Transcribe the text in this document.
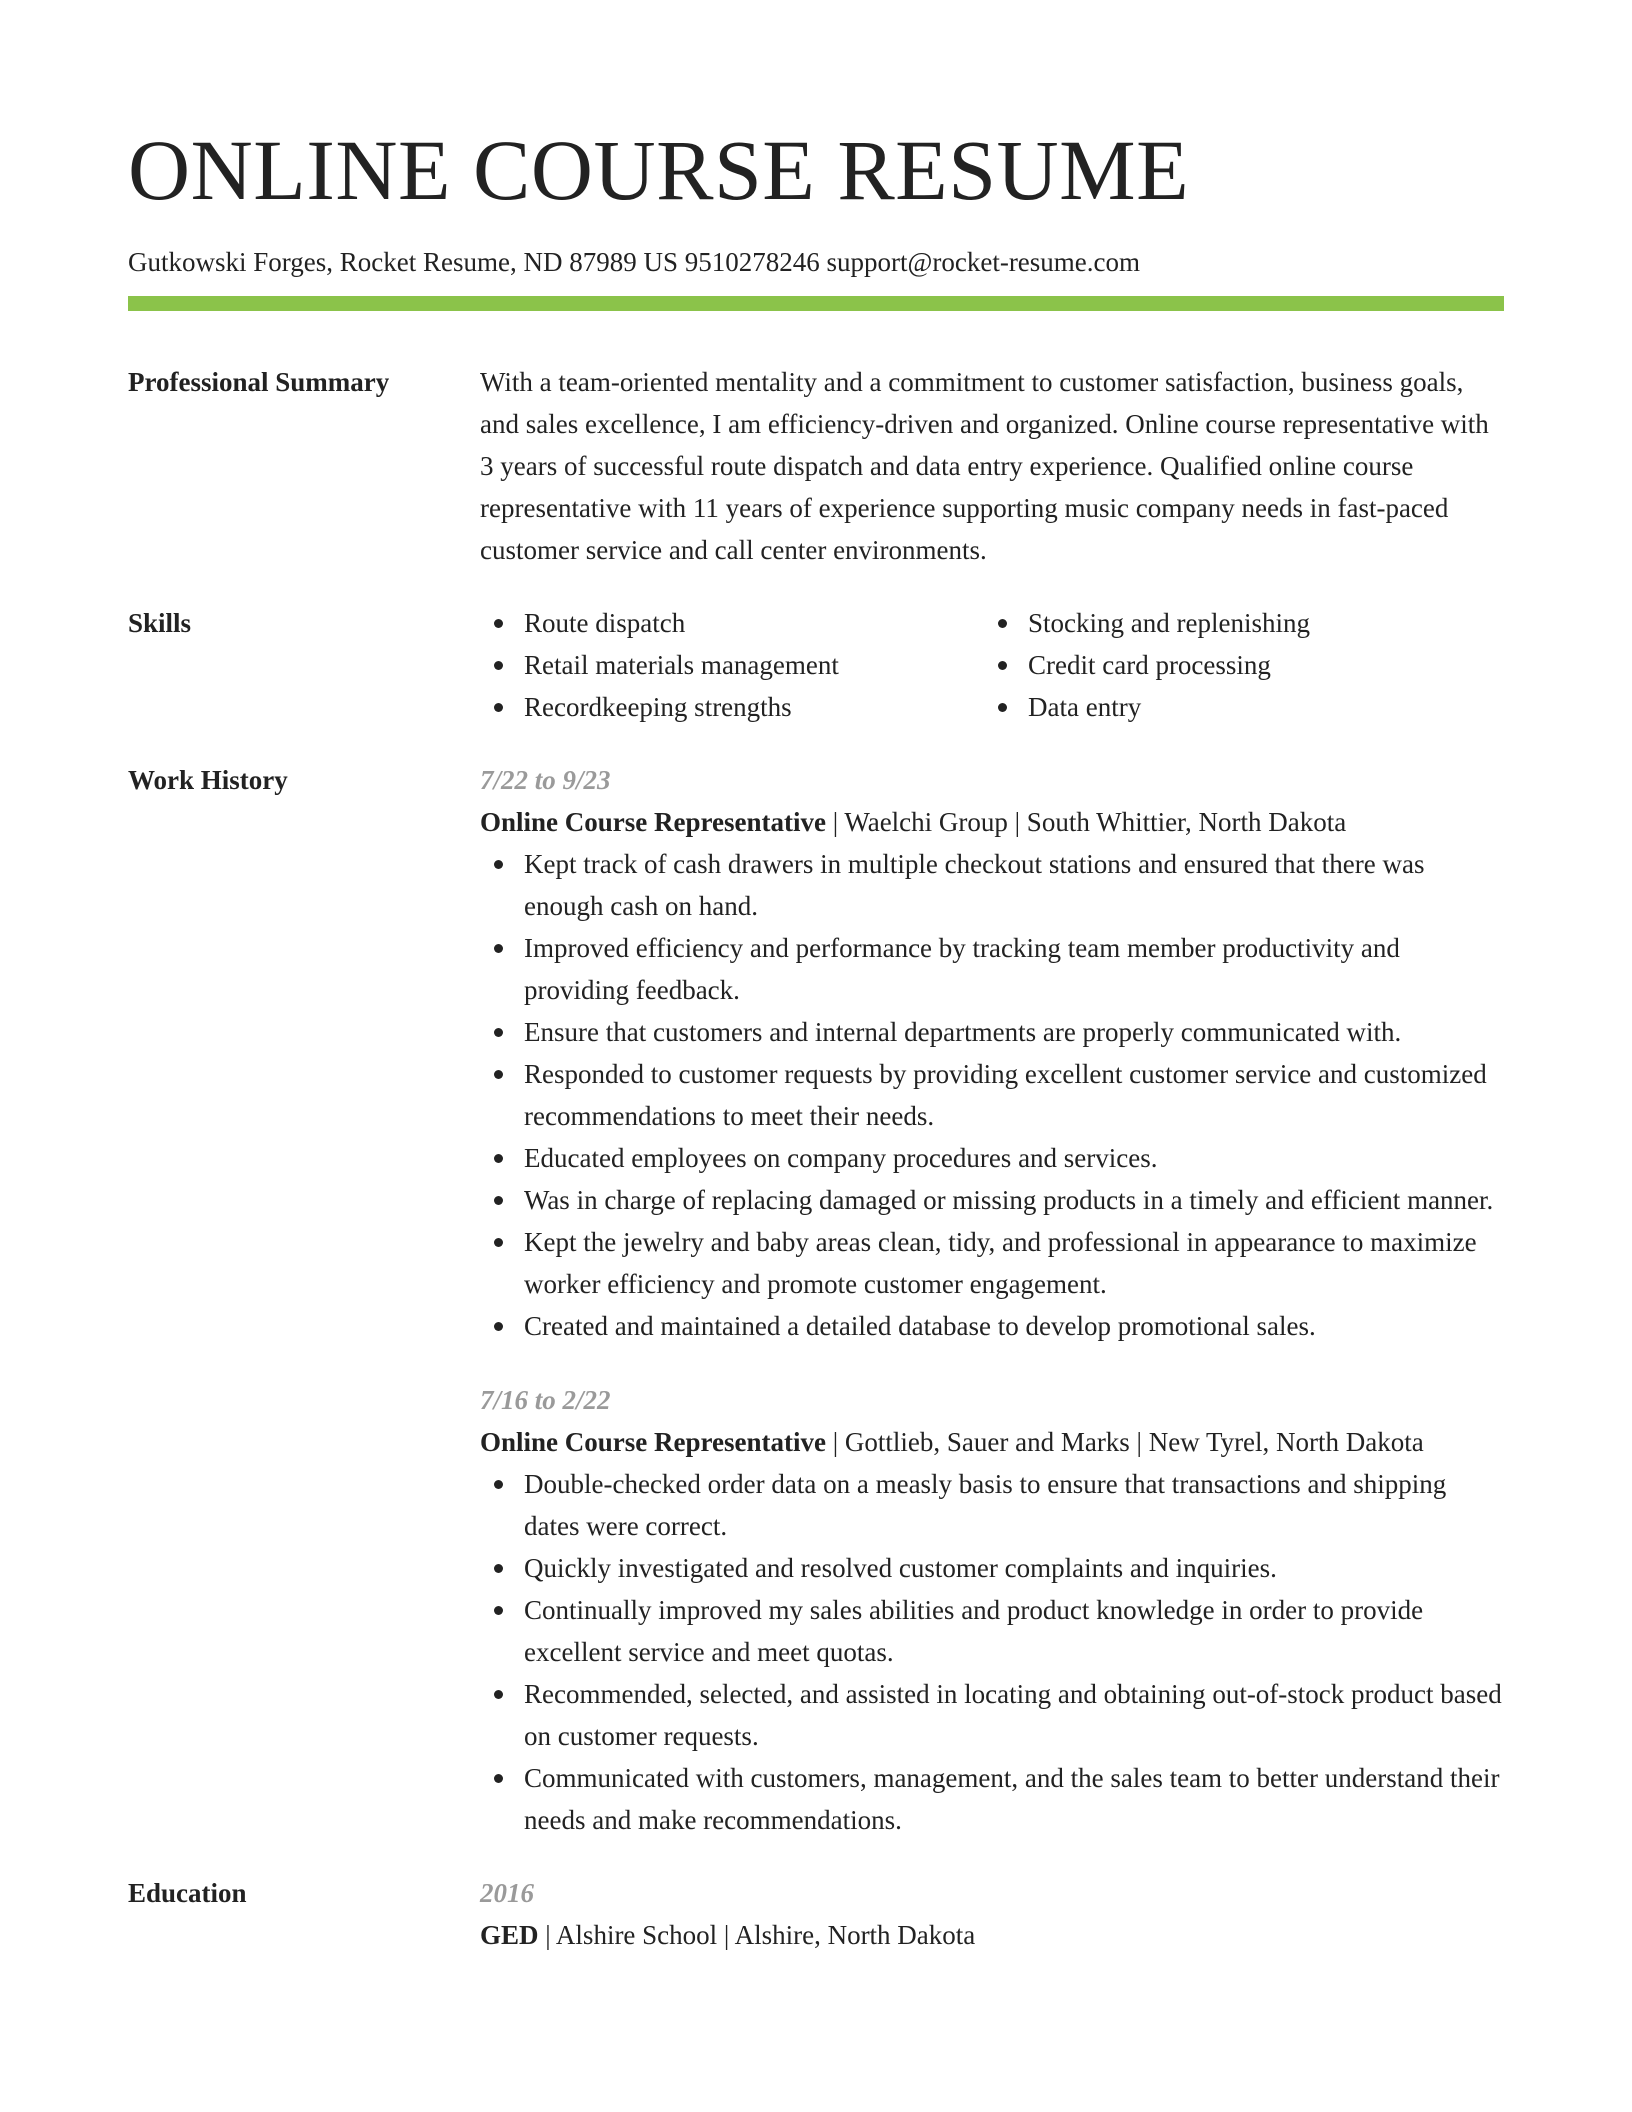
ONLINE COURSE RESUME
Gutkowski Forges, Rocket Resume, ND 87989 US 9510278246 support@rocket-resume.com
Professional Summary	With a team-oriented mentality and a commitment to customer satisfaction, business goals, and sales excellence, I am efficiency-driven and organized. Online course representative with 3 years of successful route dispatch and data entry experience. Qualified online course representative with 11 years of experience supporting music company needs in fast-paced customer service and call center environments.

Skills	Route dispatch
Retail materials management
Recordkeeping strengths
Stocking and replenishing
Credit card processing
Data entry
Work History	7/22 to 9/23
Online Course Representative | Waelchi Group | South Whittier, North Dakota
Kept track of cash drawers in multiple checkout stations and ensured that there was enough cash on hand.
Improved efficiency and performance by tracking team member productivity and providing feedback.
Ensure that customers and internal departments are properly communicated with.
Responded to customer requests by providing excellent customer service and customized recommendations to meet their needs.
Educated employees on company procedures and services.
Was in charge of replacing damaged or missing products in a timely and efficient manner.
Kept the jewelry and baby areas clean, tidy, and professional in appearance to maximize worker efficiency and promote customer engagement.
Created and maintained a detailed database to develop promotional sales.
7/16 to 2/22
Online Course Representative | Gottlieb, Sauer and Marks | New Tyrel, North Dakota
Double-checked order data on a measly basis to ensure that transactions and shipping dates were correct.
Quickly investigated and resolved customer complaints and inquiries.
Continually improved my sales abilities and product knowledge in order to provide excellent service and meet quotas.
Recommended, selected, and assisted in locating and obtaining out-of-stock product based on customer requests.
Communicated with customers, management, and the sales team to better understand their needs and make recommendations.
Education	2016
GED | Alshire School | Alshire, North Dakota
